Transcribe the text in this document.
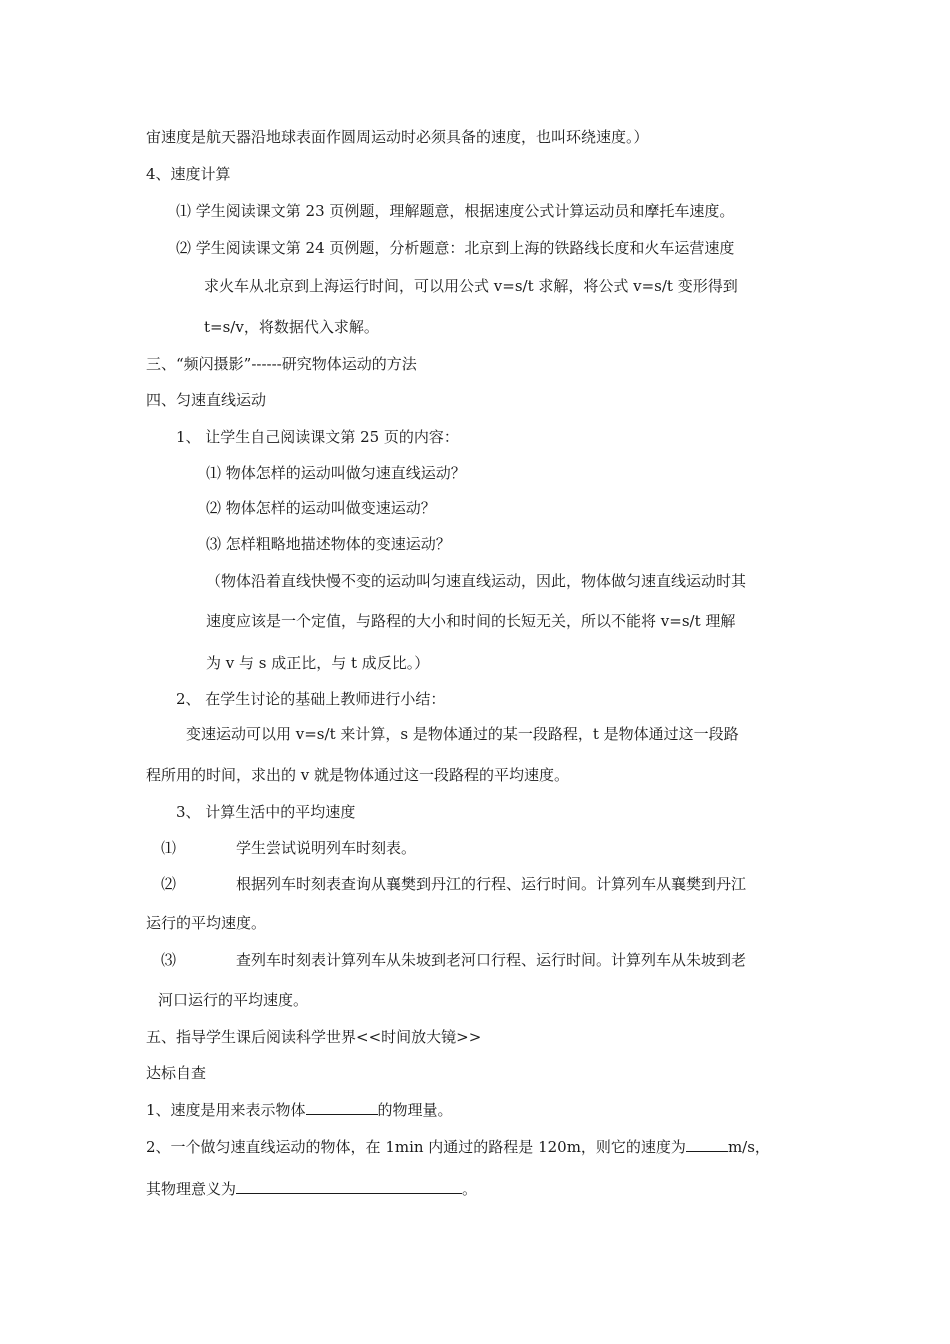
宙速度是航天器沿地球表面作圆周运动时必须具备的速度，也叫环绕速度。）
4、速度计算
⑴ 学生阅读课文第 23 页例题，理解题意，根据速度公式计算运动员和摩托车速度。
⑵ 学生阅读课文第 24 页例题，分析题意：北京到上海的铁路线长度和火车运营速度
求火车从北京到上海运行时间，可以用公式 v=s/t 求解，将公式 v=s/t 变形得到
t=s/v，将数据代入求解。
三、“频闪摄影”------研究物体运动的方法
四、匀速直线运动
1、 让学生自己阅读课文第 25 页的内容：
⑴ 物体怎样的运动叫做匀速直线运动？
⑵ 物体怎样的运动叫做变速运动？
⑶ 怎样粗略地描述物体的变速运动？
（物体沿着直线快慢不变的运动叫匀速直线运动，因此，物体做匀速直线运动时其
速度应该是一个定值，与路程的大小和时间的长短无关，所以不能将 v=s/t 理解
为 v 与 s 成正比，与 t 成反比。）
2、 在学生讨论的基础上教师进行小结：
变速运动可以用 v=s/t 来计算，s 是物体通过的某一段路程，t 是物体通过这一段路
程所用的时间，求出的 v 就是物体通过这一段路程的平均速度。
3、 计算生活中的平均速度
⑴	学生尝试说明列车时刻表。
⑵	根据列车时刻表查询从襄樊到丹江的行程、运行时间。计算列车从襄樊到丹江
运行的平均速度。
⑶	查列车时刻表计算列车从朱坡到老河口行程、运行时间。计算列车从朱坡到老
河口运行的平均速度。
五、指导学生课后阅读科学世界<<时间放大镜>>
达标自查
1、速度是用来表示物体	的物理量。
2、一个做匀速直线运动的物体，在 1min 内通过的路程是 120m，则它的速度为	m/s，
其物理意义为	。
